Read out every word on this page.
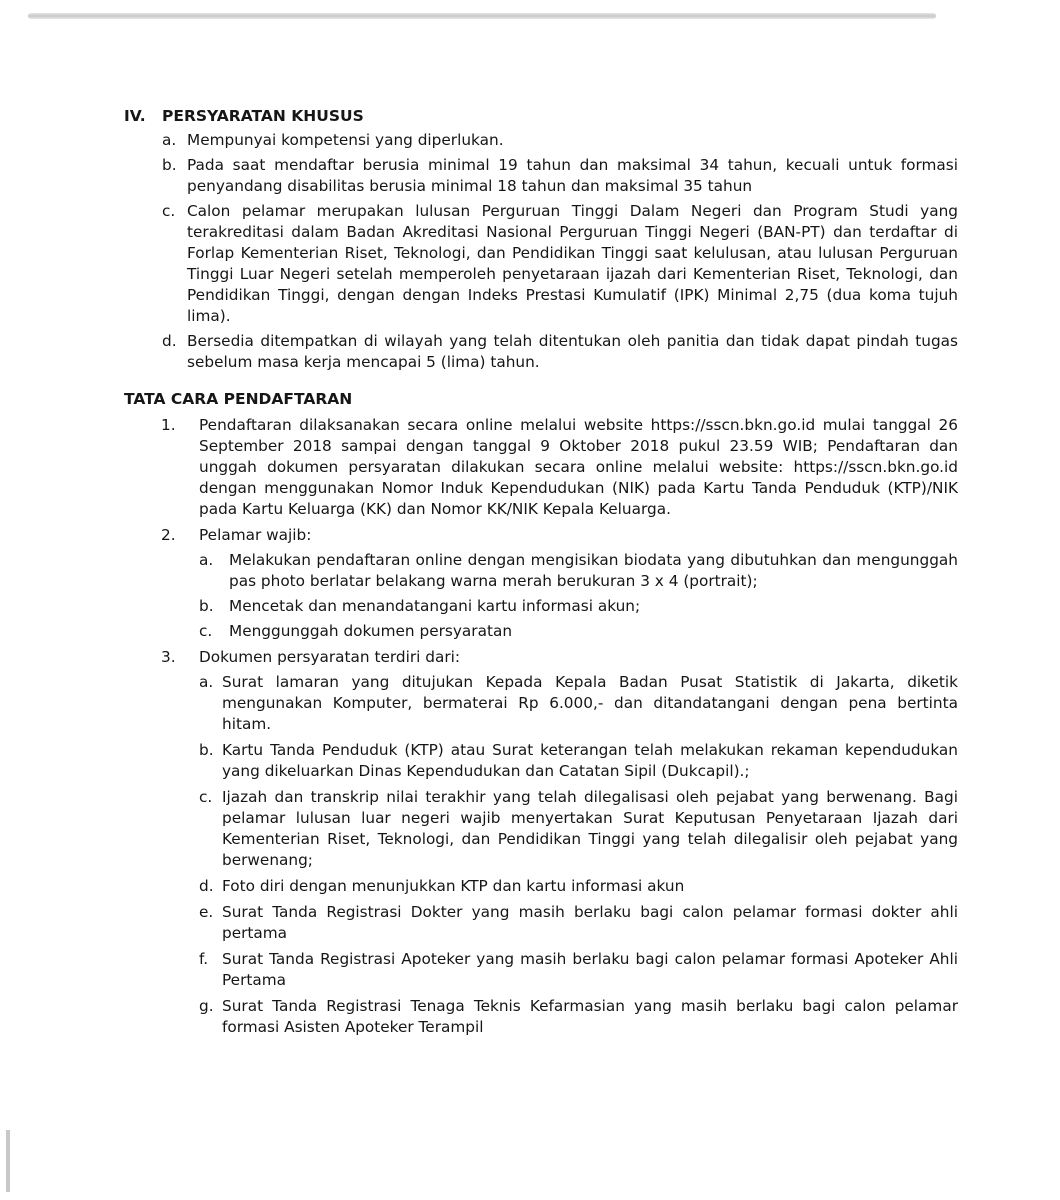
IV.	PERSYARATAN KHUSUS
a. Mempunyai kompetensi yang diperlukan.
b. Pada saat mendaftar berusia minimal 19 tahun dan maksimal 34 tahun, kecuali untuk formasi penyandang disabilitas berusia minimal 18 tahun dan maksimal 35 tahun
c. Calon pelamar merupakan lulusan Perguruan Tinggi Dalam Negeri dan Program Studi yang terakreditasi dalam Badan Akreditasi Nasional Perguruan Tinggi Negeri (BAN-PT) dan terdaftar di Forlap Kementerian Riset, Teknologi, dan Pendidikan Tinggi saat kelulusan, atau lulusan Perguruan Tinggi Luar Negeri setelah memperoleh penyetaraan ijazah dari Kementerian Riset, Teknologi, dan Pendidikan Tinggi, dengan dengan Indeks Prestasi Kumulatif (IPK) Minimal 2,75 (dua koma tujuh lima).
d. Bersedia ditempatkan di wilayah yang telah ditentukan oleh panitia dan tidak dapat pindah tugas sebelum masa kerja mencapai 5 (lima) tahun.
TATA CARA PENDAFTARAN
1.	Pendaftaran dilaksanakan secara online melalui website https://sscn.bkn.go.id mulai tanggal 26 September 2018 sampai dengan tanggal 9 Oktober 2018 pukul 23.59 WIB; Pendaftaran dan unggah dokumen persyaratan dilakukan secara online melalui website: https://sscn.bkn.go.id dengan menggunakan Nomor Induk Kependudukan (NIK) pada Kartu Tanda Penduduk (KTP)/NIK pada Kartu Keluarga (KK) dan Nomor KK/NIK Kepala Keluarga.
2.	Pelamar wajib:
a.	Melakukan pendaftaran online dengan mengisikan biodata yang dibutuhkan dan mengunggah pas photo berlatar belakang warna merah berukuran 3 x 4 (portrait);
b.	Mencetak dan menandatangani kartu informasi akun;
c.	Menggunggah dokumen persyaratan
3.	Dokumen persyaratan terdiri dari:
a. Surat lamaran yang ditujukan Kepada Kepala Badan Pusat Statistik di Jakarta, diketik mengunakan Komputer, bermaterai Rp 6.000,- dan ditandatangani dengan pena bertinta hitam.
b. Kartu Tanda Penduduk (KTP) atau Surat keterangan telah melakukan rekaman kependudukan yang dikeluarkan Dinas Kependudukan dan Catatan Sipil (Dukcapil).;
c. Ijazah dan transkrip nilai terakhir yang telah dilegalisasi oleh pejabat yang berwenang. Bagi pelamar lulusan luar negeri wajib menyertakan Surat Keputusan Penyetaraan Ijazah dari Kementerian Riset, Teknologi, dan Pendidikan Tinggi yang telah dilegalisir oleh pejabat yang berwenang;
d. Foto diri dengan menunjukkan KTP dan kartu informasi akun
e. Surat Tanda Registrasi Dokter yang masih berlaku bagi calon pelamar formasi dokter ahli pertama
f. Surat Tanda Registrasi Apoteker yang masih berlaku bagi calon pelamar formasi Apoteker Ahli Pertama
g. Surat Tanda Registrasi Tenaga Teknis Kefarmasian yang masih berlaku bagi calon pelamar formasi Asisten Apoteker Terampil
